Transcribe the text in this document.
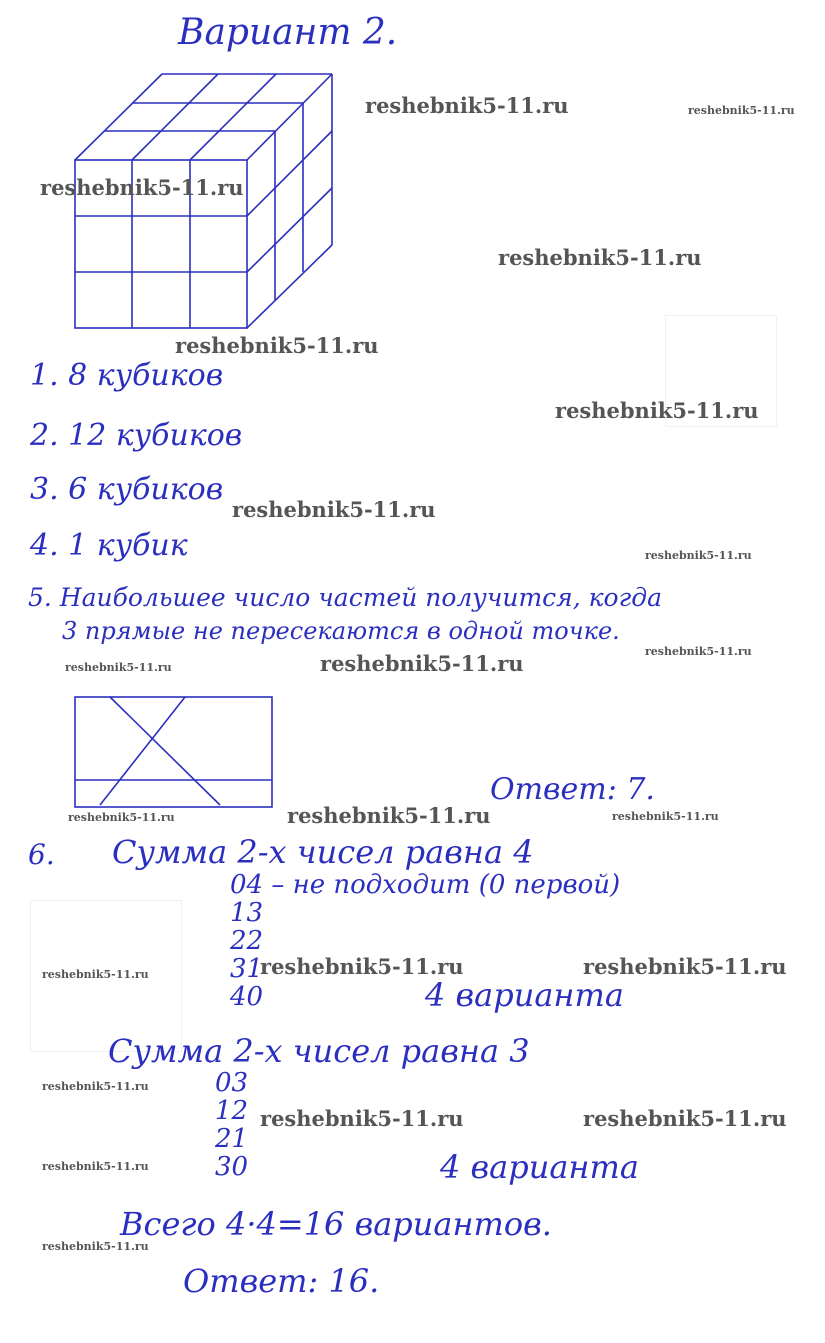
Вариант 2.
1. 8 кубиков
2. 12 кубиков
3. 6 кубиков
4. 1 кубик
5. Наибольшее число частей получится, когда
3 прямые не пересекаются в одной точке.
Ответ: 7.
6. Сумма 2-х чисел равна 4
04 – не подходит (0 первой)
13
22
31
40	4 варианта
Сумма 2-х чисел равна 3
03
12
21
30	4 варианта
Всего 4·4=16 вариантов.
Ответ: 16.
reshebnik5-11.ru	reshebnik5-11.ru
reshebnik5-11.ru
reshebnik5-11.ru
reshebnik5-11.ru
reshebnik5-11.ru
reshebnik5-11.ru
reshebnik5-11.ru
reshebnik5-11.ru
reshebnik5-11.ru	reshebnik5-11.ru
reshebnik5-11.ru	reshebnik5-11.ru	reshebnik5-11.ru
reshebnik5-11.ru	reshebnik5-11.ru	reshebnik5-11.ru
reshebnik5-11.ru
reshebnik5-11.ru	reshebnik5-11.ru
reshebnik5-11.ru
reshebnik5-11.ru
